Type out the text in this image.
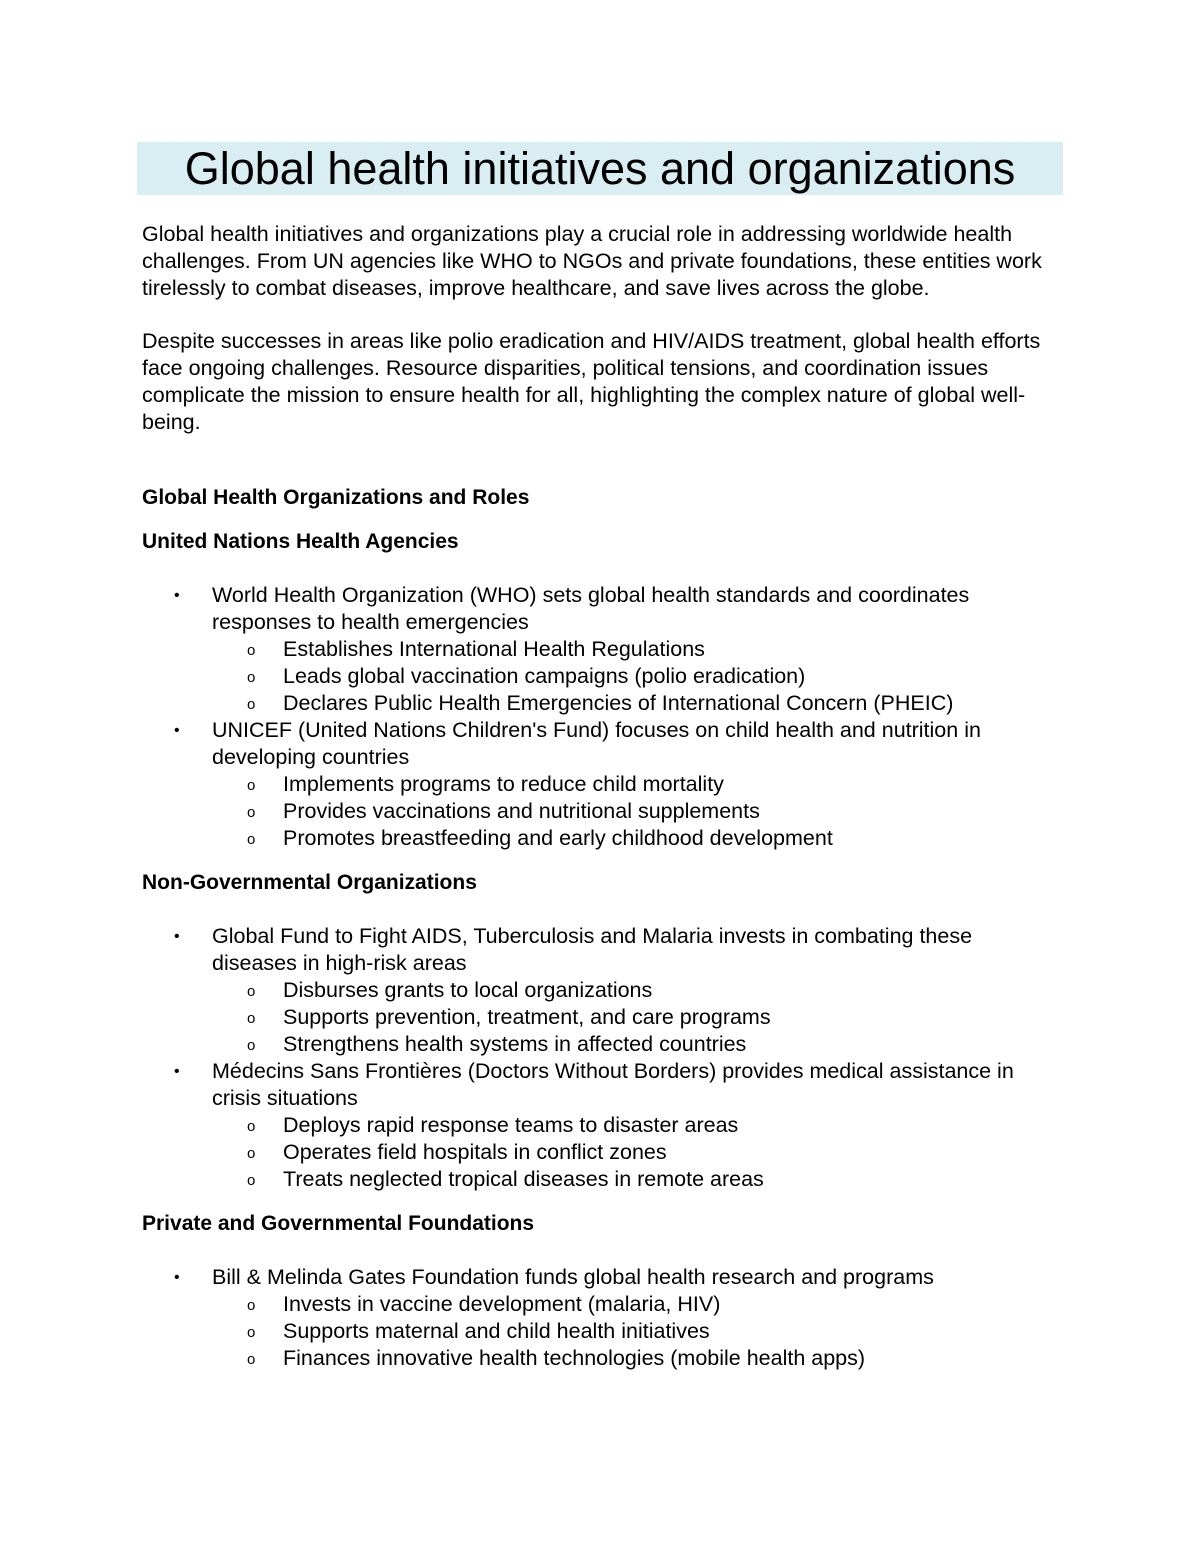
Global health initiatives and organizations

Global health initiatives and organizations play a crucial role in addressing worldwide health challenges. From UN agencies like WHO to NGOs and private foundations, these entities work tirelessly to combat diseases, improve healthcare, and save lives across the globe.

Despite successes in areas like polio eradication and HIV/AIDS treatment, global health efforts face ongoing challenges. Resource disparities, political tensions, and coordination issues complicate the mission to ensure health for all, highlighting the complex nature of global well-being.

Global Health Organizations and Roles
United Nations Health Agencies
• World Health Organization (WHO) sets global health standards and coordinates responses to health emergencies
o Establishes International Health Regulations
o Leads global vaccination campaigns (polio eradication)
o Declares Public Health Emergencies of International Concern (PHEIC)
• UNICEF (United Nations Children's Fund) focuses on child health and nutrition in developing countries
o Implements programs to reduce child mortality
o Provides vaccinations and nutritional supplements
o Promotes breastfeeding and early childhood development
Non-Governmental Organizations
• Global Fund to Fight AIDS, Tuberculosis and Malaria invests in combating these diseases in high-risk areas
o Disburses grants to local organizations
o Supports prevention, treatment, and care programs
o Strengthens health systems in affected countries
• Médecins Sans Frontières (Doctors Without Borders) provides medical assistance in crisis situations
o Deploys rapid response teams to disaster areas
o Operates field hospitals in conflict zones
o Treats neglected tropical diseases in remote areas
Private and Governmental Foundations
• Bill & Melinda Gates Foundation funds global health research and programs
o Invests in vaccine development (malaria, HIV)
o Supports maternal and child health initiatives
o Finances innovative health technologies (mobile health apps)
